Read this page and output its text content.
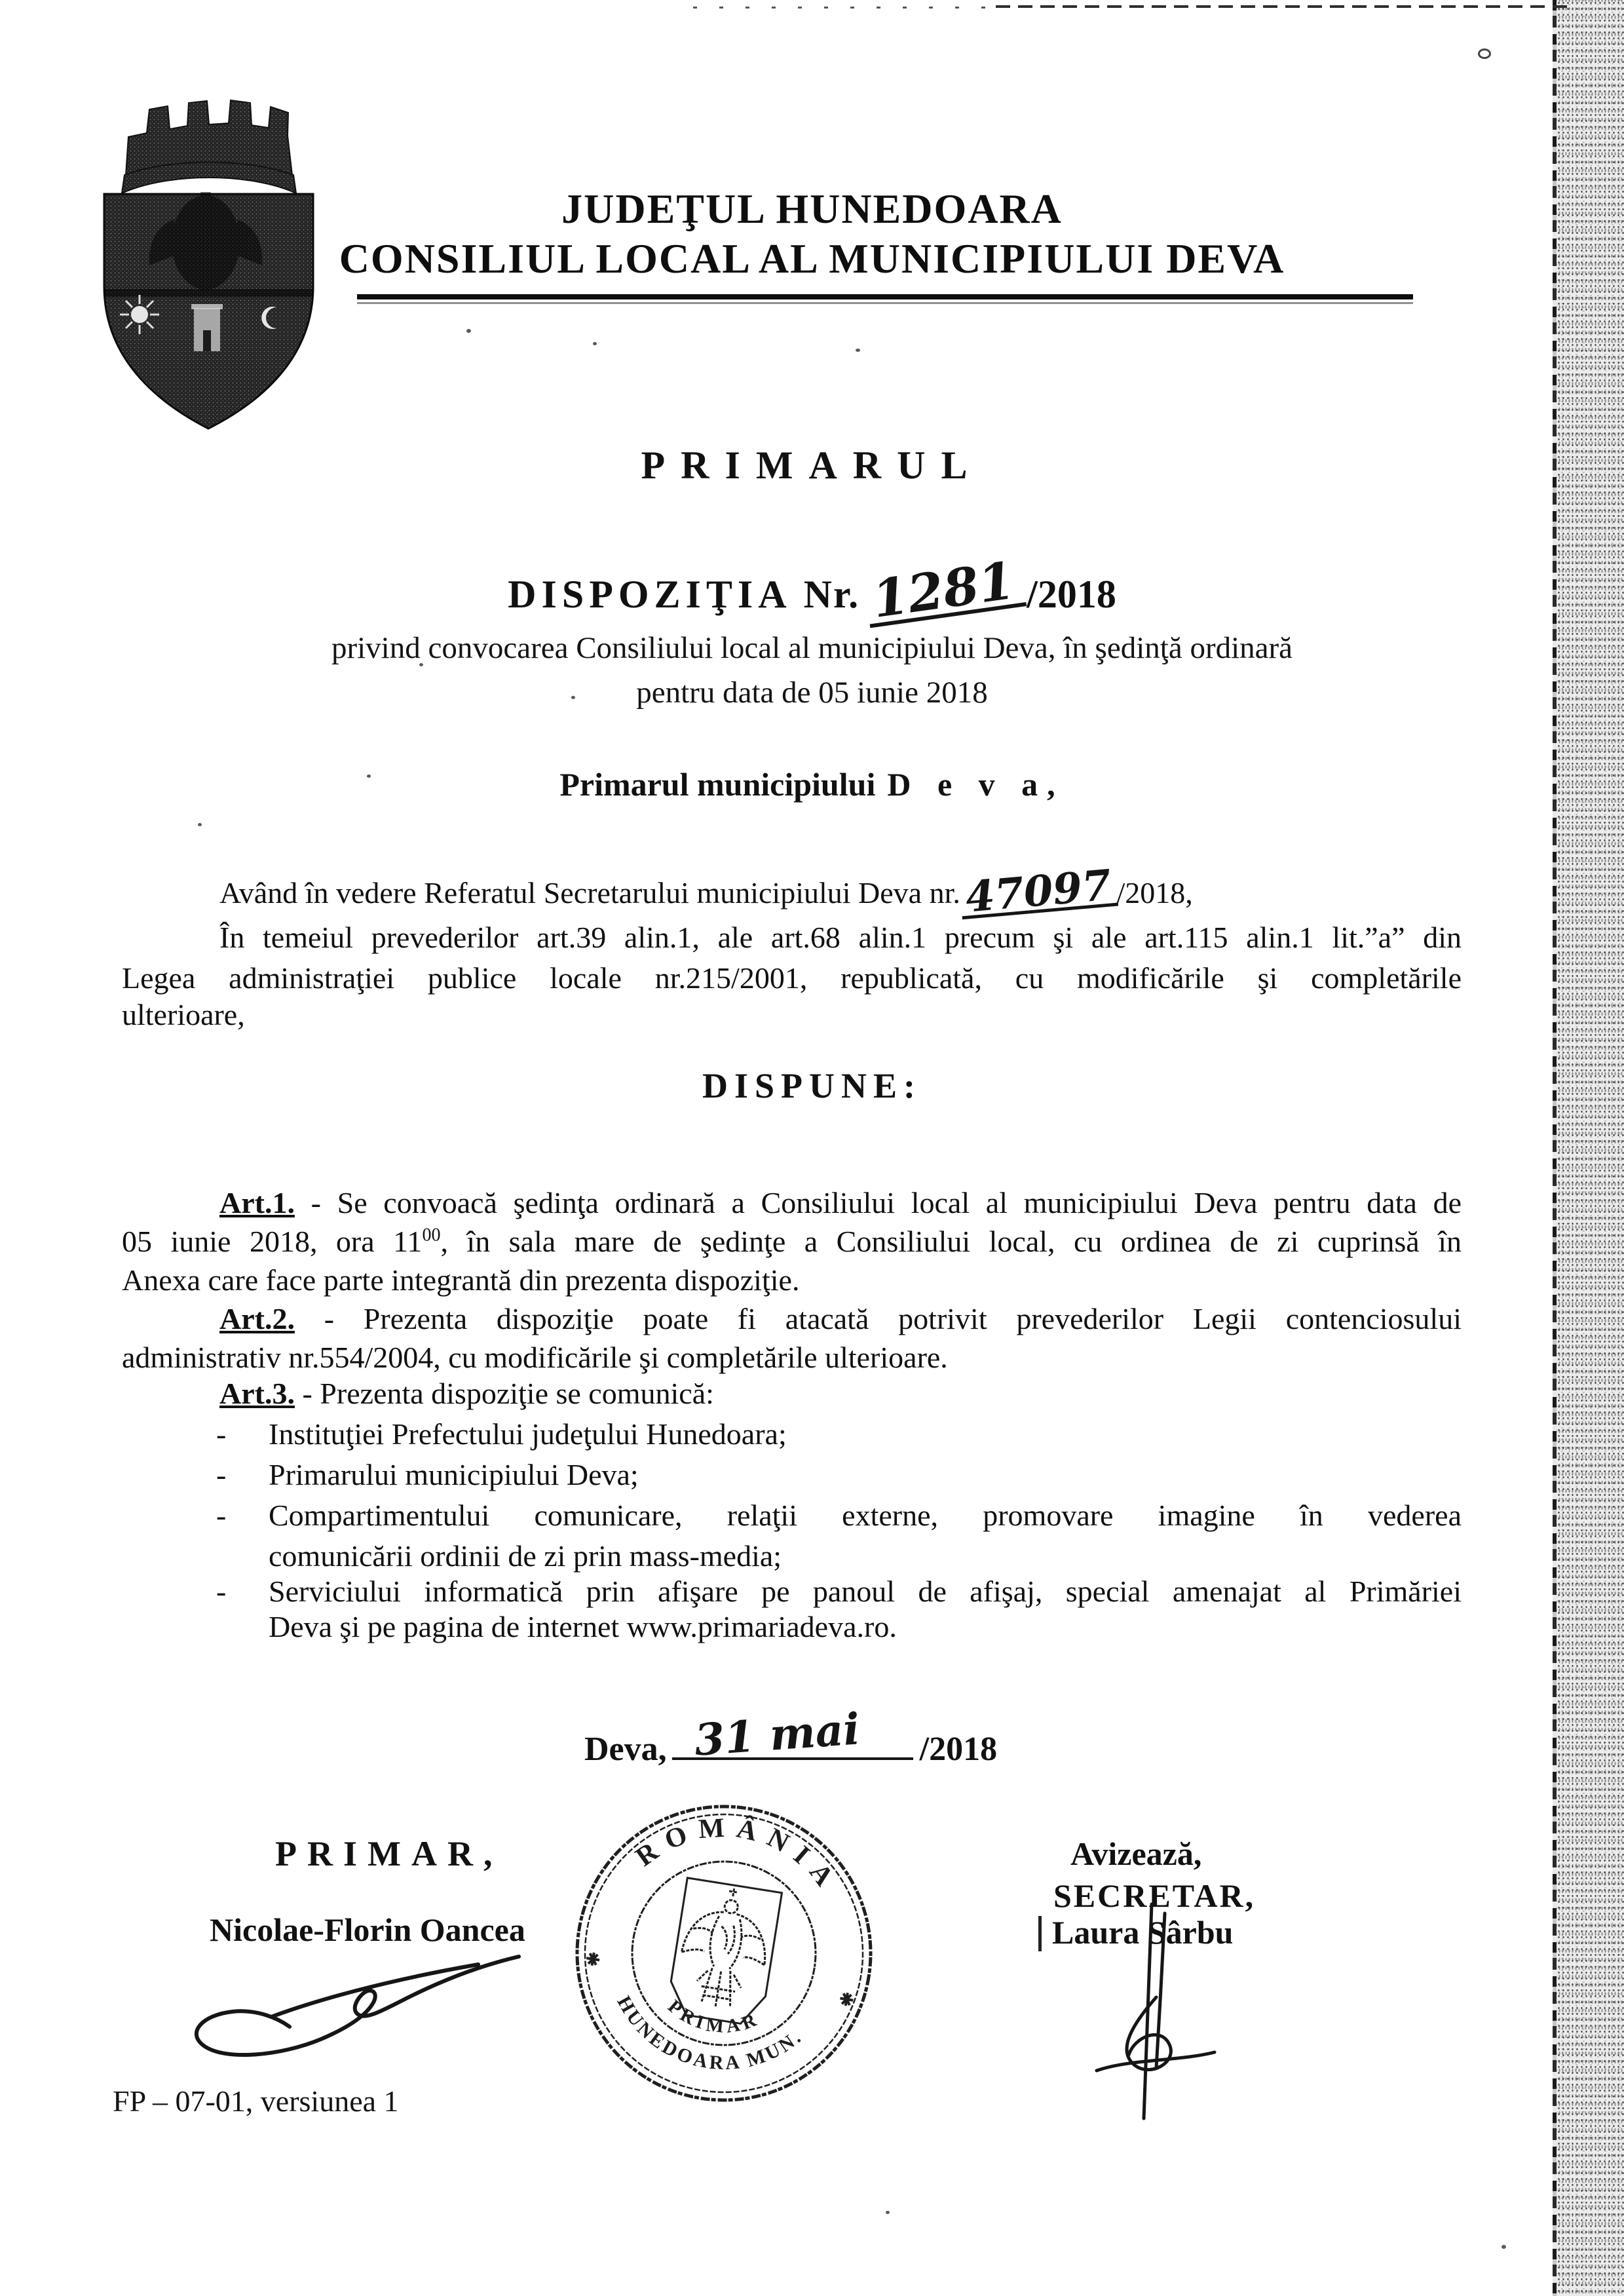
JUDEŢUL HUNEDOARA
CONSILIUL LOCAL AL MUNICIPIULUI DEVA
PRIMARUL
DISPOZIŢIA Nr. 1281 /2018
privind convocarea Consiliului local al municipiului Deva, în şedinţă ordinară
pentru data de 05 iunie 2018
Primarul municipiului D e v a,
Având în vedere Referatul Secretarului municipiului Deva nr.47097 /2018,
În temeiul prevederilor art.39 alin.1, ale art.68 alin.1 precum şi ale art.115 alin.1 lit.”a” din
Legea administraţiei publice locale nr.215/2001, republicată, cu modificările şi completările
ulterioare,
DISPUNE:
Art.1. - Se convoacă şedinţa ordinară a Consiliului local al municipiului Deva pentru data de
05 iunie 2018, ora $11^{00}$, în sala mare de şedinţe a Consiliului local, cu ordinea de zi cuprinsă în
Anexa care face parte integrantă din prezenta dispoziţie.
Art.2. - Prezenta dispoziţie poate fi atacată potrivit prevederilor Legii contenciosului
administrativ nr.554/2004, cu modificările şi completările ulterioare.
Art.3. - Prezenta dispoziţie se comunică:
- Instituţiei Prefectului judeţului Hunedoara;
- Primarului municipiului Deva;
- Compartimentului comunicare, relaţii externe, promovare imagine în vederea
comunicării ordinii de zi prin mass-media;
- Serviciului informatică prin afişare pe panoul de afişaj, special amenajat al Primăriei
Deva şi pe pagina de internet www.primariadeva.ro.
Deva, 31 mai /2018
PRIMAR,
Nicolae-Florin Oancea
Avizează,
SECRETAR,
Laura Sârbu
ROMÂNIA
JUD. HUNEDOARA MUN. DEVA
PRIMAR
FP – 07-01, versiunea 1
